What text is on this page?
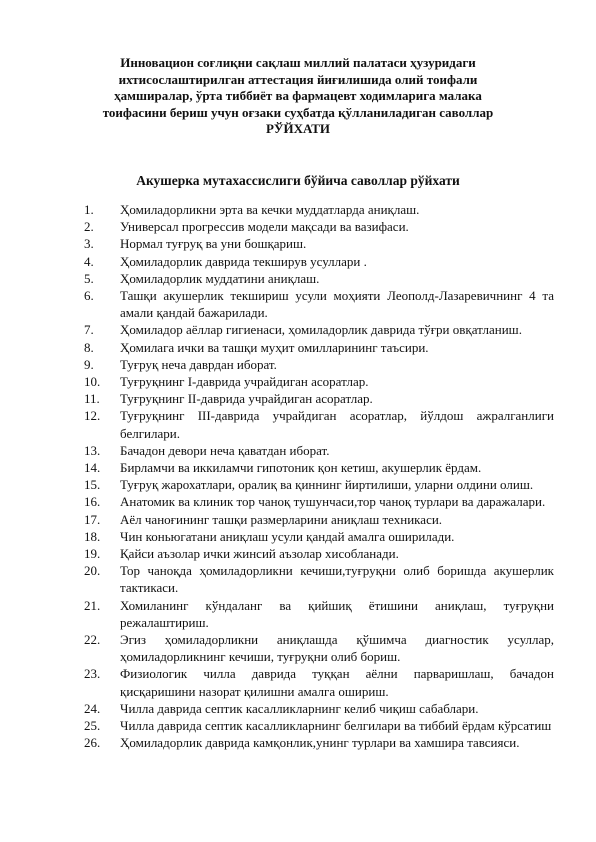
Инновацион соғлиқни сақлаш миллий палатаси ҳузуридаги
ихтисослаштирилган аттестация йиғилишида олий тоифали
ҳамширалар, ўрта тиббиёт ва фармацевт ходимларига малака
тоифасини бериш учун оғзаки суҳбатда қўлланиладиган саволлар
РЎЙХАТИ
Акушерка мутахассислиги бўйича саволлар рўйхати
1.	Ҳомиладорликни эрта ва кечки муддатларда аниқлаш.
2.	Универсал прогрессив модели мақсади ва вазифаси.
3.	Нормал туғруқ ва уни бошқариш.
4.	Ҳомиладорлик даврида текширув усуллари .
5.	Ҳомиладорлик муддатини аниқлаш.
6.	Ташқи акушерлик текшириш усули моҳияти Леополд-Лазаревичнинг 4 та амали қандай бажарилади.
7.	Ҳомиладор аёллар гигиенаси, ҳомиладорлик даврида тўғри овқатланиш.
8.	Ҳомилага ички ва ташқи муҳит омилларининг таъсири.
9.	Туғруқ неча даврдан иборат.
10.	Туғруқнинг I-даврида учрайдиган асоратлар.
11.	Туғруқнинг II-даврида учрайдиган асоратлар.
12.	Туғруқнинг III-даврида учрайдиган асоратлар, йўлдош ажралганлиги белгилари.
13.	Бачадон девори неча қаватдан иборат.
14.	Бирламчи ва иккиламчи гипотоник қон кетиш, акушерлик ёрдам.
15.	Туғруқ жарохатлари, оралиқ ва қиннинг йиртилиши, уларни олдини олиш.
16.	Анатомик ва клиник тор чаноқ тушунчаси,тор чаноқ турлари ва даражалари.
17.	Аёл чаноғининг ташқи размерларини аниқлаш техникаси.
18.	Чин коньюгатани аниқлаш усули қандай амалга оширилади.
19.	Қайси аъзолар ички жинсий аъзолар хисобланади.
20.	Тор чаноқда ҳомиладорликни кечиши,туғруқни олиб боришда акушерлик тактикаси.
21.	Хомиланинг кўндаланг ва қийшиқ ётишини аниқлаш, туғруқни режалаштириш.
22.	Эгиз ҳомиладорликни аниқлашда қўшимча диагностик усуллар, ҳомиладорликнинг кечиши, туғруқни олиб бориш.
23.	Физиологик чилла даврида туққан аёлни парваришлаш, бачадон қисқаришини назорат қилишни амалга ошириш.
24.	Чилла даврида септик касалликларнинг келиб чиқиш сабаблари.
25.	Чилла даврида септик касалликларнинг белгилари ва тиббий ёрдам кўрсатиш
26.	Ҳомиладорлик даврида камқонлик,унинг турлари ва хамшира тавсияси.
